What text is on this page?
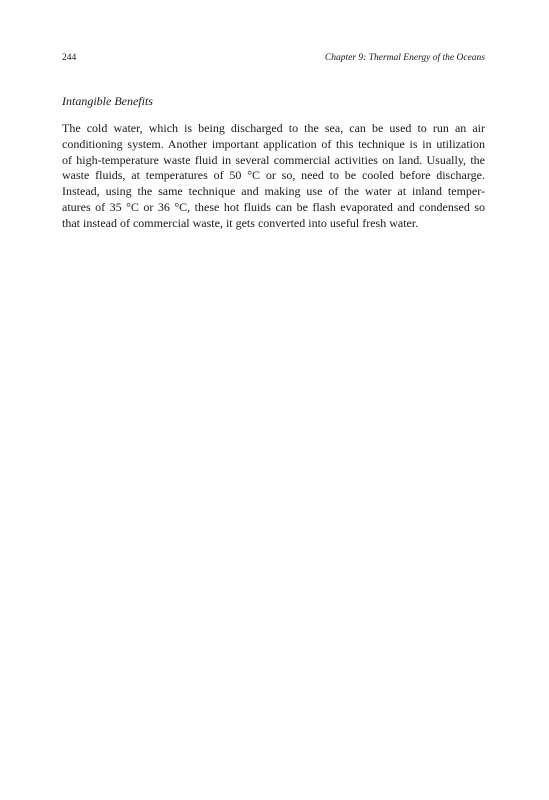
244	Chapter 9: Thermal Energy of the Oceans
Intangible Benefits

The cold water, which is being discharged to the sea, can be used to run an air
conditioning system. Another important application of this technique is in utilization
of high-temperature waste fluid in several commercial activities on land. Usually, the
waste fluids, at temperatures of 50 °C or so, need to be cooled before discharge.
Instead, using the same technique and making use of the water at inland temper-
atures of 35 °C or 36 °C, these hot fluids can be flash evaporated and condensed so
that instead of commercial waste, it gets converted into useful fresh water.
